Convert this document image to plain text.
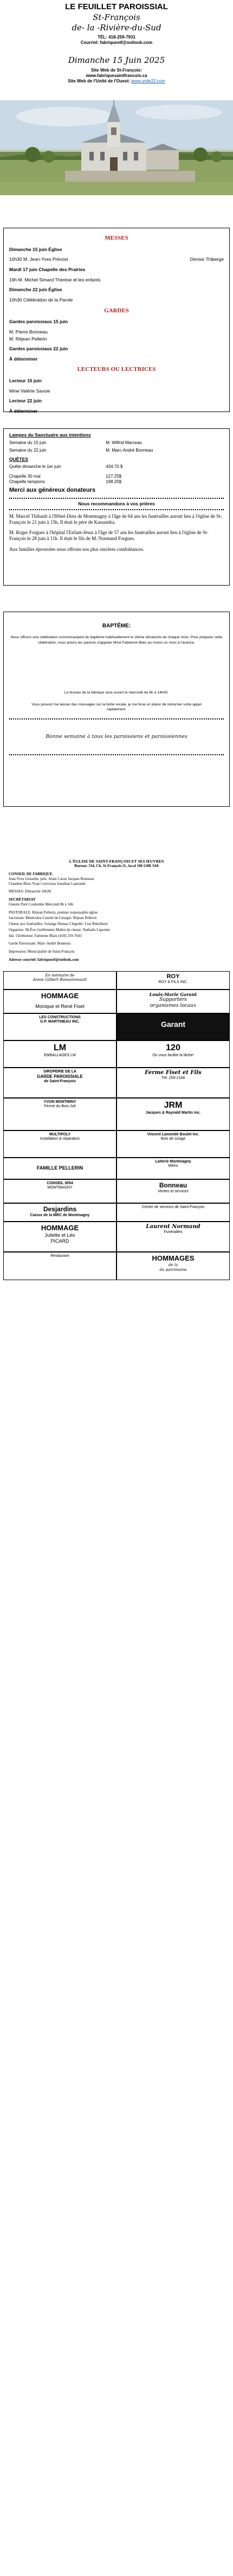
LE FEUILLET PAROISSIAL
St-François
de- la -Rivière-du-Sud
TÉL: 418-259-7931
Courriel: fabriquestf@outlook.com
Dimanche 15 Juin 2025
Site Web de St-François:
www.fabriquesaintfrancois.ca
Site Web de l'Unité de l'Ouest: www.unite22.com
MESSES
Dimanche 15 juin Église
10h30 M. Jean-Yves Prévost	Denise Thiberge
Mardi 17 juin Chapelle des Prairies
19h M. Michel Simard Thérèse et les enfants
Dimanche 22 juin Église
10h30 Célébration de la Parole
GARDES
Gardes paroissiaux 15 juin
M. Pierre Bonneau
M. Réjean Pellerin
Gardes paroissiaux 22 juin
À déterminer
LECTEURS OU LECTRICES
Lecteur 15 juin
Mme Valérie Savoie
Lecteur 22 juin
À déterminer
Lampes du Sanctuaire aux intentions
Semaine du 15 juin	M. Wilfrid Marceau
Semaine du 22 juin	M. Marc-André Bonneau
QUÊTES
Quête dimanche le 1er juin	434.70 $
Chapelle 30 mai	127.25$
Chapelle lampions	198.25$
Merci aux généreux donateurs
Nous recommandons à vos prières

M. Marcel Thibault à l'Hôtel-Dieu de Montmagny à l'âge de 64 ans les funérailles auront lieu à l'église de St-François le 21 juin à 15h. Il était le père de Kassandra.

M. Roger Forgues à l'hôpital l'Enfant-Jésus à l'âge de 57 ans les funérailles auront lieu à l'église de St-François le 28 juin à 11h. Il était le fils de M. Normand Forgues.

Aux familles éprouvées nous offrons nos plus sincères condoléances.

BAPTÊME:

Nous offrons une célébration communautaire du baptême habituellement le 2ième dimanche de chaque mois. Pour préparer cette célébration, nous prions les parents d'appeler Mme Fabienne Blais au moins un mois à l'avance.

Le bureau de la fabrique sera ouvert le mercredi de 8h à 14h00.

Vous pouvez me laisser des messages sur la boîte vocale, je me ferai un plaisir de retourner votre appel rapidement.

Bonne semaine à tous les paroissiens et paroissiennes

L'ÉGLISE DE SAINT-FRANÇOIS ET SES ŒUVRES
Bureau: 534, Ch. St-François O., local 106 G0R 3A0
CONSEIL DE FABRIQUE
Jean-Yves Gosselin, prés. Alain Caron Jacques Bonneau
Claudine Blais Yvan Corriveau Jonathan Lamonde
MESSES: Dimanche 10h30
SECRÉTARIAT
Ginette Paré Coulombe Mercredi 8h à 14h
PASTORALE: Réjean Pellerin, premier responsable église
Sacristain: Bénévoles Comité de Liturgie: Réjean Pellerin
Chœur aux funérailles: Solange Dumas Chapelle: Lise Rémillard
Organiste: M-Ève Guillemette Maître de chœur: Nathalie Lapointe
Init. Chrétienne: Fabienne Blais (418) 259-7641
Garde Paroissiale: Marc-André Bonneau
Impression: Municipalité de Saint-François
Adresse courriel: fabriquestf@outlook.com
En mémoire de
Annie Gilbert Boissonneault
ROY
ROY & FILS INC.
HOMMAGE
Monique et René Fiset
Louis-Marie Garant
Supporters
organismes locaux
LES CONSTRUCTIONS
G.P. MARTINEAU INC.	Garant
LM
EMBALLAGES LM
120
On vous facilite la tâche!
SIROPERIE DE LA
GARDE PAROISSIALE
de Saint-François
Ferme Fiset et Fils
Tél: 259-2188
YVON MONTMINY
Ferme du Bois-Joli	JRM
Jacques & Raynald Martin inc.
MULTIPOLY
Installation & réparation
Vincent Lamonde Boulet Inc.
Bois de sciage
FAMILLE PELLERIN
Laiterie Montmagny
Métro
CONSEIL 3054
MONTMAGNY	Bonneau
Ventes et services
Desjardins
Caisse de la MRC de Montmagny
Centre de services de Saint-François
HOMMAGE
Juliette et Léo
PICARD
Laurent Normand
Funérailles
Restaurant	HOMMAGES
de la
du patrimoine
